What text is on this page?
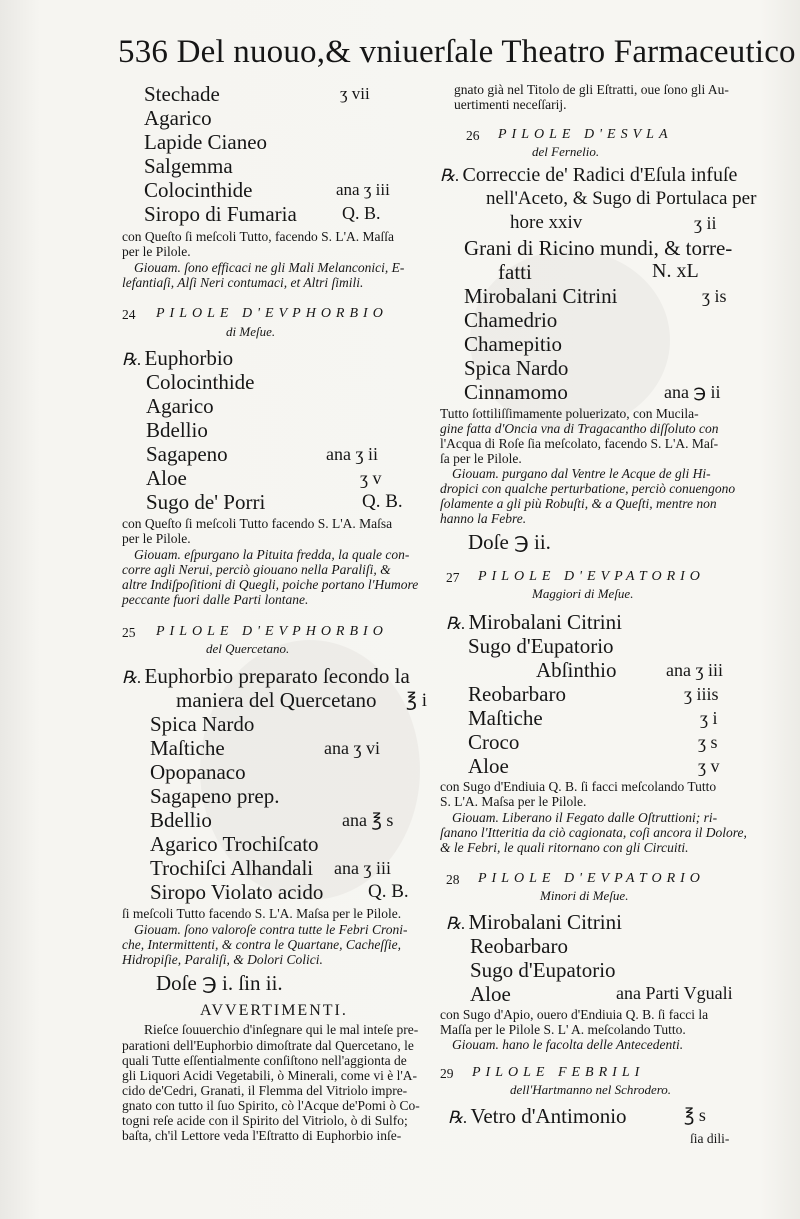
536 Del nuouo,& vniuerſale Theatro Farmaceutico
Stechade	ʒ vii
Agarico
Lapide Cianeo
Salgemma
Colocinthide	ana ʒ iii
Siropo di Fumaria	Q. B.
con Queſto ſi meſcoli Tutto, facendo S. L'A. Maſſa
per le Pilole.
Giouam. ſono efficaci ne gli Mali Melanconici, E-
lefantiaſi, Alſi Neri contumaci, et Altri ſimili.
24 PILOLE D'EVPHORBIO
di Meſue.
℞. Euphorbio
Colocinthide
Agarico
Bdellio
Sagapeno	ana ʒ ii
Aloe	ʒ v
Sugo de' Porri	Q. B.
con Queſto ſi meſcoli Tutto facendo S. L'A. Maſsa
per le Pilole.
Giouam. eſpurgano la Pituita fredda, la quale con-
corre agli Nerui, perciò giouano nella Paraliſi, &
altre Indiſpoſitioni di Quegli, poiche portano l'Humore
peccante fuori dalle Parti lontane.
25 PILOLE D'EVPHORBIO
del Quercetano.
℞. Euphorbio preparato ſecondo la
maniera del Quercetano ℥ i
Spica Nardo
Maſtiche	ana ʒ vi
Opopanaco
Sagapeno prep.
Bdellio	ana ℥ s
Agarico Trochiſcato
Trochiſci Alhandali ana ʒ iii
Siropo Violato acido Q. B.
ſi meſcoli Tutto facendo S. L'A. Maſsa per le Pilole.
Giouam. ſono valoroſe contra tutte le Febri Croni-
che, Intermittenti, & contra le Quartane, Cacheſſie,
Hidropiſie, Paraliſi, & Dolori Colici.
Doſe ℈ i. ſin ii.
AVVERTIMENTI.
Rieſce ſouuerchio d'inſegnare qui le mal inteſe pre-
parationi dell'Euphorbio dimoſtrate dal Quercetano, le
quali Tutte eſſentialmente conſiſtono nell'aggionta de
gli Liquori Acidi Vegetabili, ò Minerali, come vi è l'A-
cido de'Cedri, Granati, il Flemma del Vitriolo impre-
gnato con tutto il ſuo Spirito, cò l'Acque de'Pomi ò Co-
togni reſe acide con il Spirito del Vitriolo, ò di Sulfo;
baſta, ch'il Lettore veda l'Eſtratto di Euphorbio inſe-
gnato già nel Titolo de gli Eſtratti, oue ſono gli Au-
uertimenti neceſſarij.
26 PILOLE D'ESVLA
del Fernelio.
℞. Correccie de' Radici d'Eſula infuſe
nell'Aceto, & Sugo di Portulaca per
hore xxiv	ʒ ii
Grani di Ricino mundi, & torre-
fatti	N. xL
Mirobalani Citrini	ʒ is
Chamedrio
Chamepitio
Spica Nardo
Cinnamomo	ana ℈ ii
Tutto ſottiliſſimamente poluerizato, con Mucila-
gine fatta d'Oncia vna di Tragacantho diſſoluto con
l'Acqua di Roſe ſia meſcolato, facendo S. L'A. Maſ-
ſa per le Pilole.
Giouam. purgano dal Ventre le Acque de gli Hi-
dropici con qualche perturbatione, perciò conuengono
ſolamente a gli più Robuſti, & a Queſti, mentre non
hanno la Febre.
Doſe ℈ ii.
27 PILOLE D'EVPATORIO
Maggiori di Meſue.
℞. Mirobalani Citrini
Sugo d'Eupatorio
Abſinthio	ana ʒ iii
Reobarbaro	ʒ iiis
Maſtiche	ʒ i
Croco	ʒ s
Aloe	ʒ v
con Sugo d'Endiuia Q. B. ſi facci meſcolando Tutto
S. L'A. Maſsa per le Pilole.
Giouam. Liberano il Fegato dalle Oſtruttioni; ri-
ſanano l'Itteritia da ciò cagionata, coſi ancora il Dolore,
& le Febri, le quali ritornano con gli Circuiti.
28 PILOLE D'EVPATORIO
Minori di Meſue.
℞. Mirobalani Citrini
Reobarbaro
Sugo d'Eupatorio
Aloe	ana Parti Vguali
con Sugo d'Apio, ouero d'Endiuia Q. B. ſi facci la
Maſſa per le Pilole S. L' A. meſcolando Tutto.
Giouam. hano le facolta delle Antecedenti.
29 PILOLE FEBRILI
dell'Hartmanno nel Schrodero.
℞. Vetro d'Antimonio	℥ s
ſia dili-
